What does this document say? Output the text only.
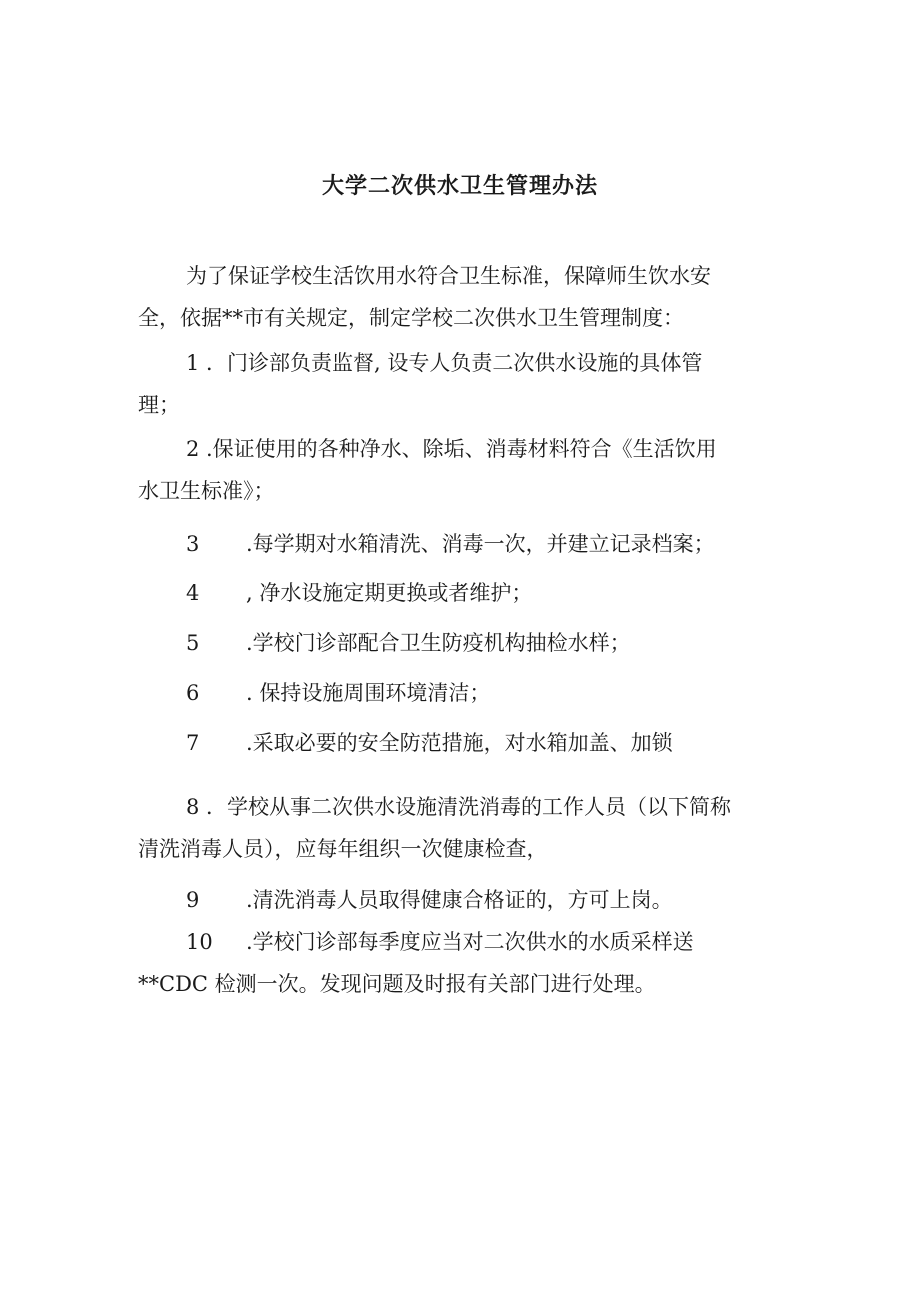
大学二次供水卫生管理办法

为了保证学校生活饮用水符合卫生标准，保障师生饮水安
全，依据**市有关规定，制定学校二次供水卫生管理制度：

1 ．门诊部负责监督, 设专人负责二次供水设施的具体管
理；

2 .保证使用的各种净水、除垢、消毒材料符合《生活饮用
水卫生标准》；

3 .每学期对水箱清洗、消毒一次，并建立记录档案；

4 , 净水设施定期更换或者维护；

5 .学校门诊部配合卫生防疫机构抽检水样；

6 . 保持设施周围环境清洁；

7 .采取必要的安全防范措施，对水箱加盖、加锁

8 ．学校从事二次供水设施清洗消毒的工作人员（以下简称
清洗消毒人员），应每年组织一次健康检查，

9 .清洗消毒人员取得健康合格证的，方可上岗。

10 .学校门诊部每季度应当对二次供水的水质采样送
**CDC 检测一次。发现问题及时报有关部门进行处理。
